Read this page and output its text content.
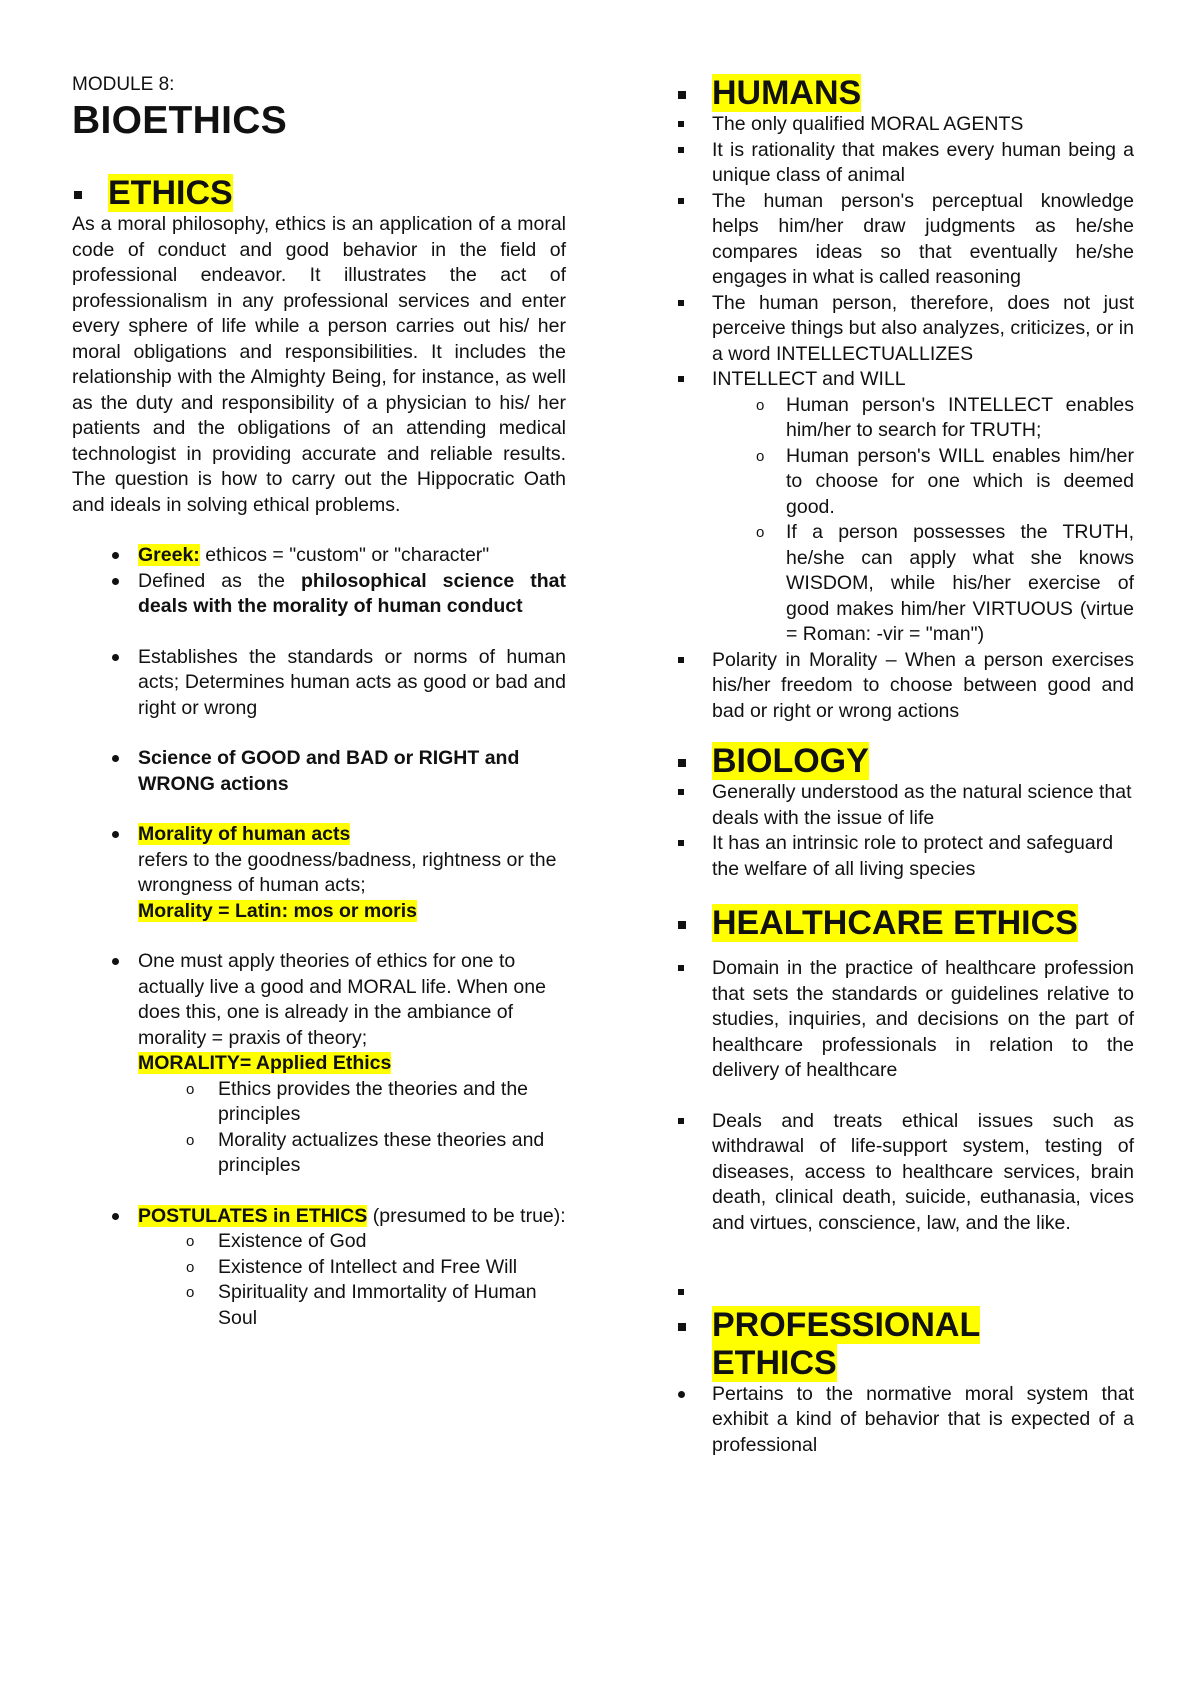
MODULE 8:

BIOETHICS
ETHICS
As a moral philosophy, ethics is an application of a moral code of conduct and good behavior in the field of professional endeavor. It illustrates the act of professionalism in any professional services and enter every sphere of life while a person carries out his/ her moral obligations and responsibilities. It includes the relationship with the Almighty Being, for instance, as well as the duty and responsibility of a physician to his/ her patients and the obligations of an attending medical technologist in providing accurate and reliable results. The question is how to carry out the Hippocratic Oath and ideals in solving ethical problems.
Greek: ethicos = "custom" or "character"
Defined as the philosophical science that deals with the morality of human conduct
Establishes the standards or norms of human acts; Determines human acts as good or bad and right or wrong
Science of GOOD and BAD or RIGHT and WRONG actions
Morality of human acts
refers to the goodness/badness, rightness or the wrongness of human acts;
Morality = Latin: mos or moris
One must apply theories of ethics for one to actually live a good and MORAL life. When one does this, one is already in the ambiance of morality = praxis of theory;
MORALITY= Applied Ethics
o Ethics provides the theories and the principles
o Morality actualizes these theories and principles
POSTULATES in ETHICS (presumed to be true):
o Existence of God
o Existence of Intellect and Free Will
o Spirituality and Immortality of Human Soul
HUMANS
The only qualified MORAL AGENTS
It is rationality that makes every human being a unique class of animal
The human person's perceptual knowledge helps him/her draw judgments as he/she compares ideas so that eventually he/she engages in what is called reasoning
The human person, therefore, does not just perceive things but also analyzes, criticizes, or in a word INTELLECTUALLIZES
INTELLECT and WILL
o Human person's INTELLECT enables him/her to search for TRUTH;
o Human person's WILL enables him/her to choose for one which is deemed good.
o If a person possesses the TRUTH, he/she can apply what she knows WISDOM, while his/her exercise of good makes him/her VIRTUOUS (virtue = Roman: -vir = "man")
Polarity in Morality – When a person exercises his/her freedom to choose between good and bad or right or wrong actions
BIOLOGY
Generally understood as the natural science that deals with the issue of life
It has an intrinsic role to protect and safeguard the welfare of all living species
HEALTHCARE ETHICS
Domain in the practice of healthcare profession that sets the standards or guidelines relative to studies, inquiries, and decisions on the part of healthcare professionals in relation to the delivery of healthcare
Deals and treats ethical issues such as withdrawal of life-support system, testing of diseases, access to healthcare services, brain death, clinical death, suicide, euthanasia, vices and virtues, conscience, law, and the like.

PROFESSIONAL
ETHICS
Pertains to the normative moral system that exhibit a kind of behavior that is expected of a professional
